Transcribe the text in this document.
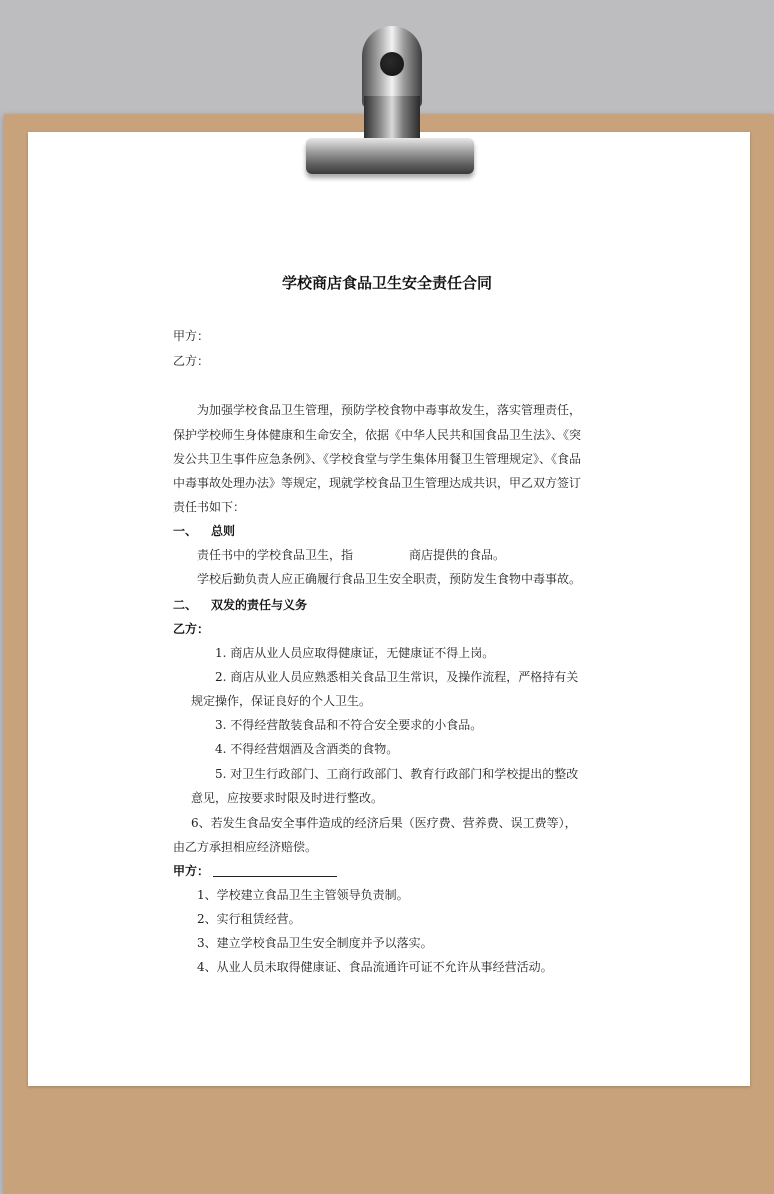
学校商店食品卫生安全责任合同
甲方：
乙方：
为加强学校食品卫生管理，预防学校食物中毒事故发生，落实管理责任，
保护学校师生身体健康和生命安全，依据《中华人民共和国食品卫生法》、《突
发公共卫生事件应急条例》、《学校食堂与学生集体用餐卫生管理规定》、《食品
中毒事故处理办法》等规定，现就学校食品卫生管理达成共识，甲乙双方签订
责任书如下：
一、 总则
责任书中的学校食品卫生，指	商店提供的食品。
学校后勤负责人应正确履行食品卫生安全职责，预防发生食物中毒事故。
二、 双发的责任与义务
乙方：
1. 商店从业人员应取得健康证，无健康证不得上岗。
2. 商店从业人员应熟悉相关食品卫生常识，及操作流程，严格持有关
规定操作，保证良好的个人卫生。
3. 不得经营散装食品和不符合安全要求的小食品。
4. 不得经营烟酒及含酒类的食物。
5. 对卫生行政部门、工商行政部门、教育行政部门和学校提出的整改
意见，应按要求时限及时进行整改。
6、若发生食品安全事件造成的经济后果（医疗费、营养费、误工费等），
由乙方承担相应经济赔偿。
甲方：
1、学校建立食品卫生主管领导负责制。
2、实行租赁经营。
3、建立学校食品卫生安全制度并予以落实。
4、从业人员未取得健康证、食品流通许可证不允许从事经营活动。
